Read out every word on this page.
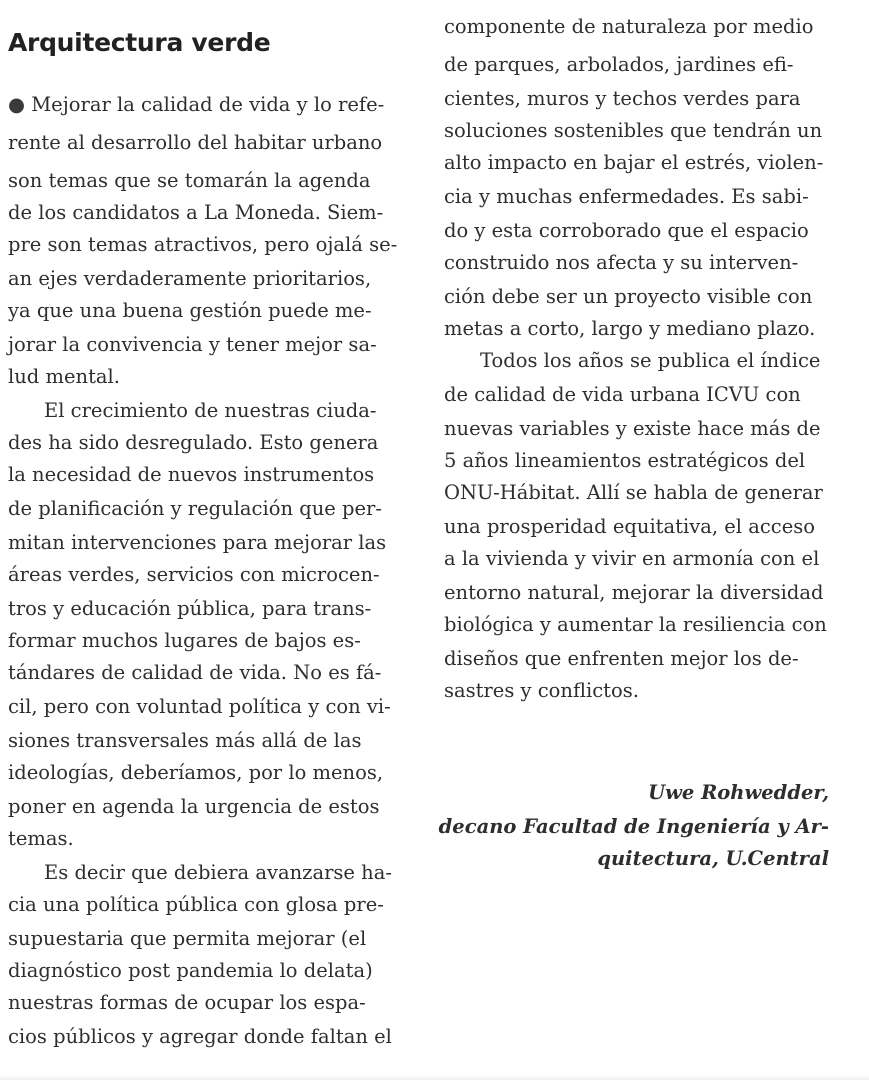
Arquitectura verde
● Mejorar la calidad de vida y lo refe-
rente al desarrollo del habitar urbano
son temas que se tomarán la agenda
de los candidatos a La Moneda. Siem-
pre son temas atractivos, pero ojalá se-
an ejes verdaderamente prioritarios,
ya que una buena gestión puede me-
jorar la convivencia y tener mejor sa-
lud mental.
El crecimiento de nuestras ciuda-
des ha sido desregulado. Esto genera
la necesidad de nuevos instrumentos
de planificación y regulación que per-
mitan intervenciones para mejorar las
áreas verdes, servicios con microcen-
tros y educación pública, para trans-
formar muchos lugares de bajos es-
tándares de calidad de vida. No es fá-
cil, pero con voluntad política y con vi-
siones transversales más allá de las
ideologías, deberíamos, por lo menos,
poner en agenda la urgencia de estos
temas.
Es decir que debiera avanzarse ha-
cia una política pública con glosa pre-
supuestaria que permita mejorar (el
diagnóstico post pandemia lo delata)
nuestras formas de ocupar los espa-
cios públicos y agregar donde faltan el
componente de naturaleza por medio
de parques, arbolados, jardines efi-
cientes, muros y techos verdes para
soluciones sostenibles que tendrán un
alto impacto en bajar el estrés, violen-
cia y muchas enfermedades. Es sabi-
do y esta corroborado que el espacio
construido nos afecta y su interven-
ción debe ser un proyecto visible con
metas a corto, largo y mediano plazo.
Todos los años se publica el índice
de calidad de vida urbana ICVU con
nuevas variables y existe hace más de
5 años lineamientos estratégicos del
ONU-Hábitat. Allí se habla de generar
una prosperidad equitativa, el acceso
a la vivienda y vivir en armonía con el
entorno natural, mejorar la diversidad
biológica y aumentar la resiliencia con
diseños que enfrenten mejor los de-
sastres y conflictos.
Uwe Rohwedder,
decano Facultad de Ingeniería y Ar-
quitectura, U.Central
